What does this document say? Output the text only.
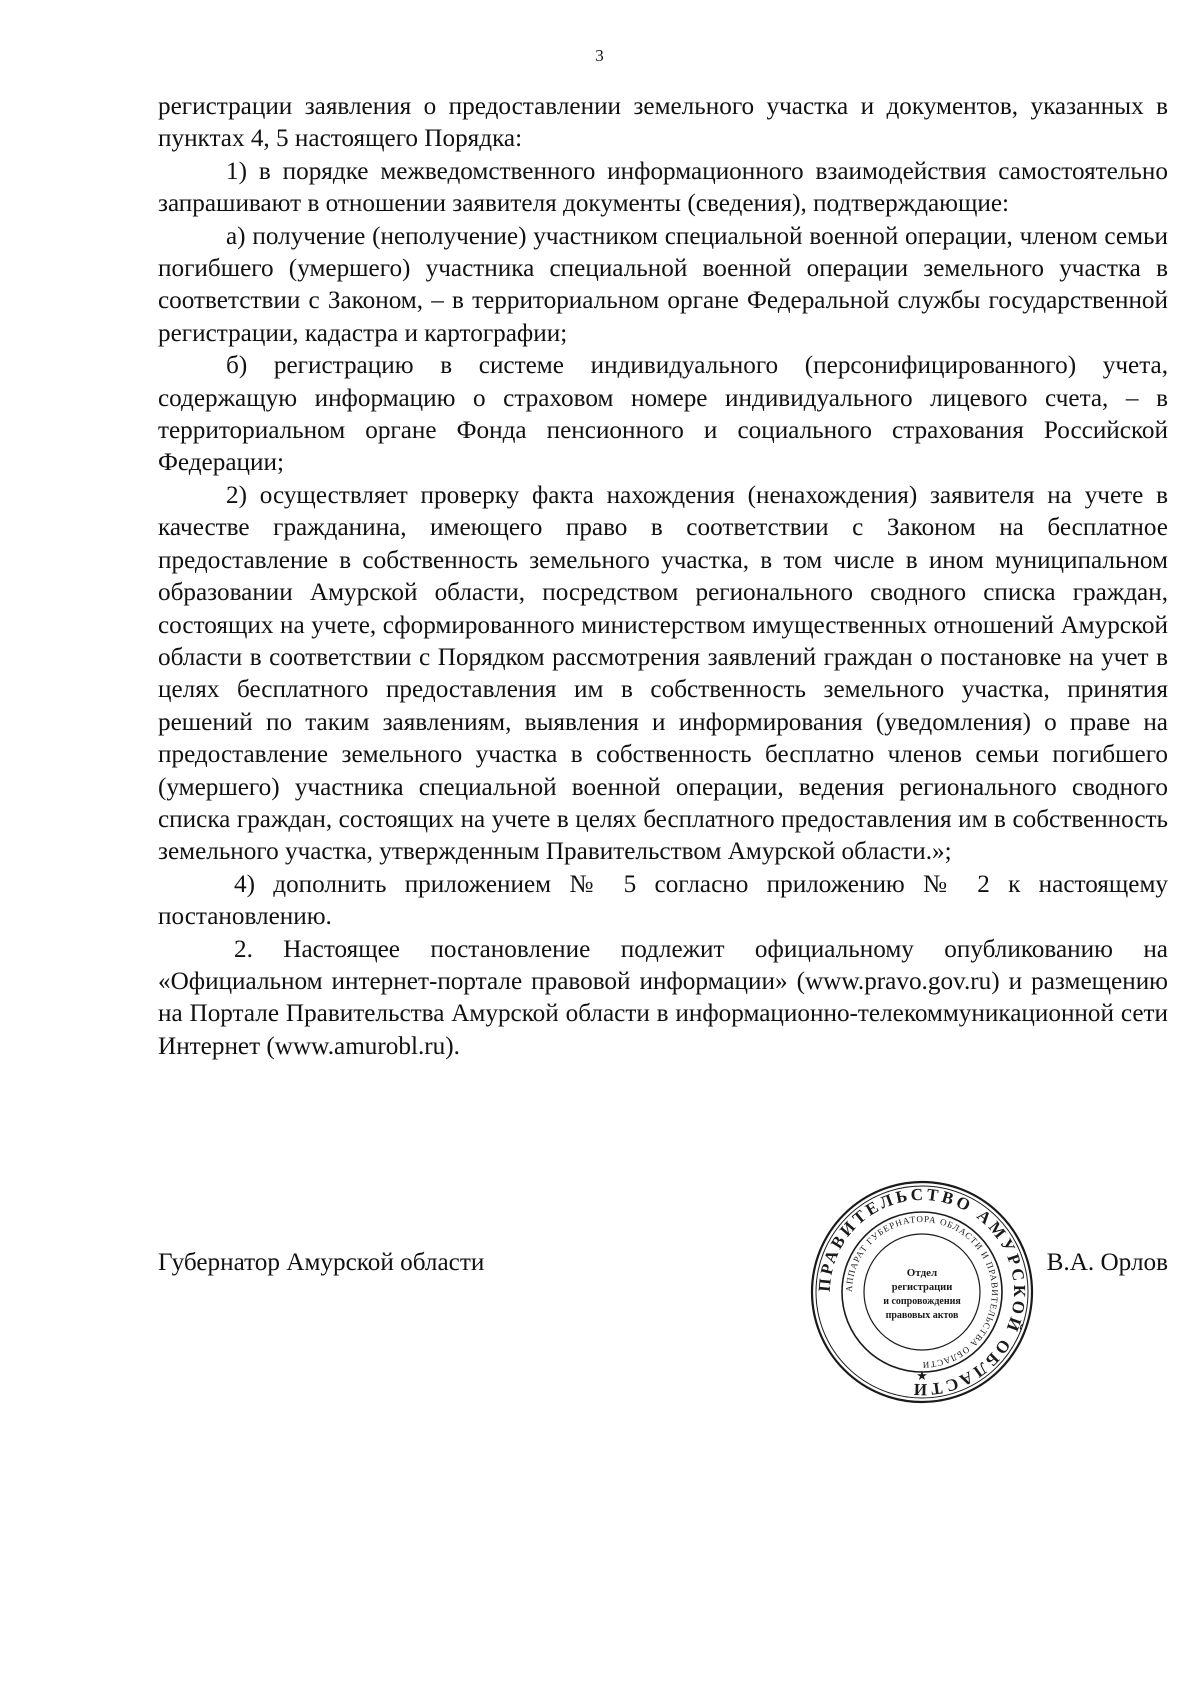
3

регистрации заявления о предоставлении земельного участка и документов, указанных в пунктах 4, 5 настоящего Порядка:

1) в порядке межведомственного информационного взаимодействия самостоятельно запрашивают в отношении заявителя документы (сведения), подтверждающие:

а) получение (неполучение) участником специальной военной операции, членом семьи погибшего (умершего) участника специальной военной операции земельного участка в соответствии с Законом, – в территориальном органе Федеральной службы государственной регистрации, кадастра и картографии;

б) регистрацию в системе индивидуального (персонифицированного) учета, содержащую информацию о страховом номере индивидуального лицевого счета, – в территориальном органе Фонда пенсионного и социального страхования Российской Федерации;

2) осуществляет проверку факта нахождения (ненахождения) заявителя на учете в качестве гражданина, имеющего право в соответствии с Законом на бесплатное предоставление в собственность земельного участка, в том числе в ином муниципальном образовании Амурской области, посредством регионального сводного списка граждан, состоящих на учете, сформированного министерством имущественных отношений Амурской области в соответствии с Порядком рассмотрения заявлений граждан о постановке на учет в целях бесплатного предоставления им в собственность земельного участка, принятия решений по таким заявлениям, выявления и информирования (уведомления) о праве на предоставление земельного участка в собственность бесплатно членов семьи погибшего (умершего) участника специальной военной операции, ведения регионального сводного списка граждан, состоящих на учете в целях бесплатного предоставления им в собственность земельного участка, утвержденным Правительством Амурской области.»;

4) дополнить приложением № 5 согласно приложению № 2 к настоящему постановлению.

2. Настоящее постановление подлежит официальному опубликованию на «Официальном интернет-портале правовой информации» (www.pravo.gov.ru) и размещению на Портале Правительства Амурской области в информационно-телекоммуникационной сети Интернет (www.amurobl.ru).

Губернатор Амурской области	В.А. Орлов
ПРАВИТЕЛЬСТВО АМУРСКОЙ ОБЛАСТИ
АППАРАТ ГУБЕРНАТОРА ОБЛАСТИ И ПРАВИТЕЛЬСТВА ОБЛАСТИ
Отдел
регистрации
и сопровождения
правовых актов
★
